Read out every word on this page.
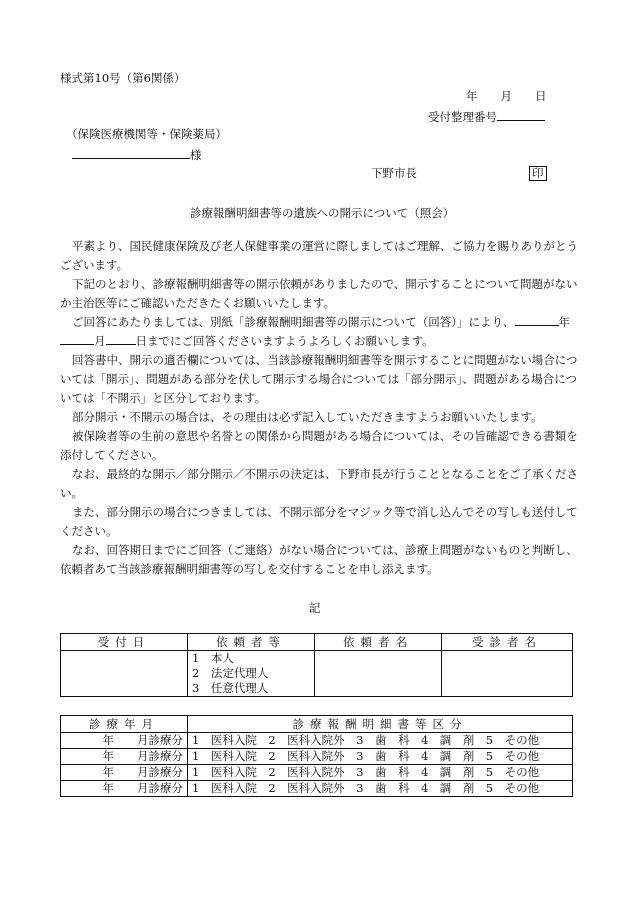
様式第10号（第6関係）
年　　月　　日
受付整理番号
（保険医療機関等・保険薬局）
様
下野市長	印
診療報酬明細書等の遺族への開示について（照会）

平素より、国民健康保険及び老人保健事業の運営に際しましてはご理解、ご協力を賜りありがとうございます。

下記のとおり、診療報酬明細書等の開示依頼がありましたので、開示することについて問題がないか主治医等にご確認いただきたくお願いいたします。

ご回答にあたりましては、別紙「診療報酬明細書等の開示について（回答）」により、	年月	日までにご回答くださいますようよろしくお願いします。

回答書中、開示の適否欄については、当該診療報酬明細書等を開示することに問題がない場合については「開示」、問題がある部分を伏して開示する場合については「部分開示」、問題がある場合については「不開示」と区分しております。

部分開示・不開示の場合は、その理由は必ず記入していただきますようお願いいたします。

被保険者等の生前の意思や名誉との関係から問題がある場合については、その旨確認できる書類を添付してください。

なお、最終的な開示／部分開示／不開示の決定は、下野市長が行うこととなることをご了承ください。

また、部分開示の場合につきましては、不開示部分をマジック等で消し込んでその写しも送付してください。

なお、回答期日までにご回答（ご連絡）がない場合については、診療上問題がないものと判断し、依頼者あて当該診療報酬明細書等の写しを交付することを申し添えます。

記
受付日	依頼者等	依頼者名	受診者名

	1　本人
2　法定代理人
3　任意代理人		

診療年月	診療報酬明細書等区分
年　　月診療分	1　医科入院　2　医科入院外　3　歯　科　4　調　剤　5　その他
年　　月診療分	1　医科入院　2　医科入院外　3　歯　科　4　調　剤　5　その他
年　　月診療分	1　医科入院　2　医科入院外　3　歯　科　4　調　剤　5　その他
年　　月診療分	1　医科入院　2　医科入院外　3　歯　科　4　調　剤　5　その他
